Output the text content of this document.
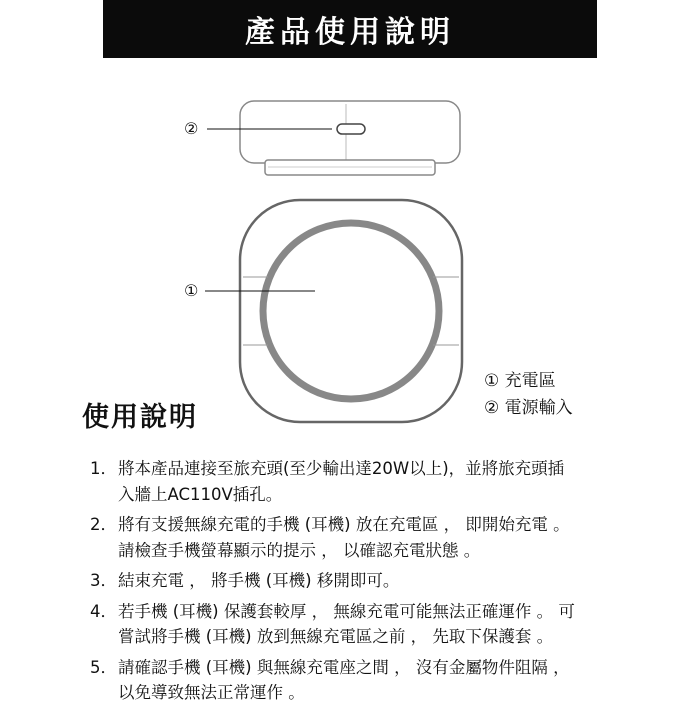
產品使用說明
②
①
① 充電區
② 電源輸入
使用說明
1． 將本產品連接至旅充頭(至少輸出達20W以上)，並將旅充頭插
入牆上AC110V插孔。
2． 將有支援無線充電的手機 (耳機) 放在充電區 ， 即開始充電 。
請檢查手機螢幕顯示的提示 ， 以確認充電狀態 。
3． 結束充電 ， 將手機 (耳機) 移開即可。
4． 若手機 (耳機) 保護套較厚 ， 無線充電可能無法正確運作 。 可
嘗試將手機 (耳機) 放到無線充電區之前 ， 先取下保護套 。
5． 請確認手機 (耳機) 與無線充電座之間 ， 沒有金屬物件阻隔 ，
以免導致無法正常運作 。
